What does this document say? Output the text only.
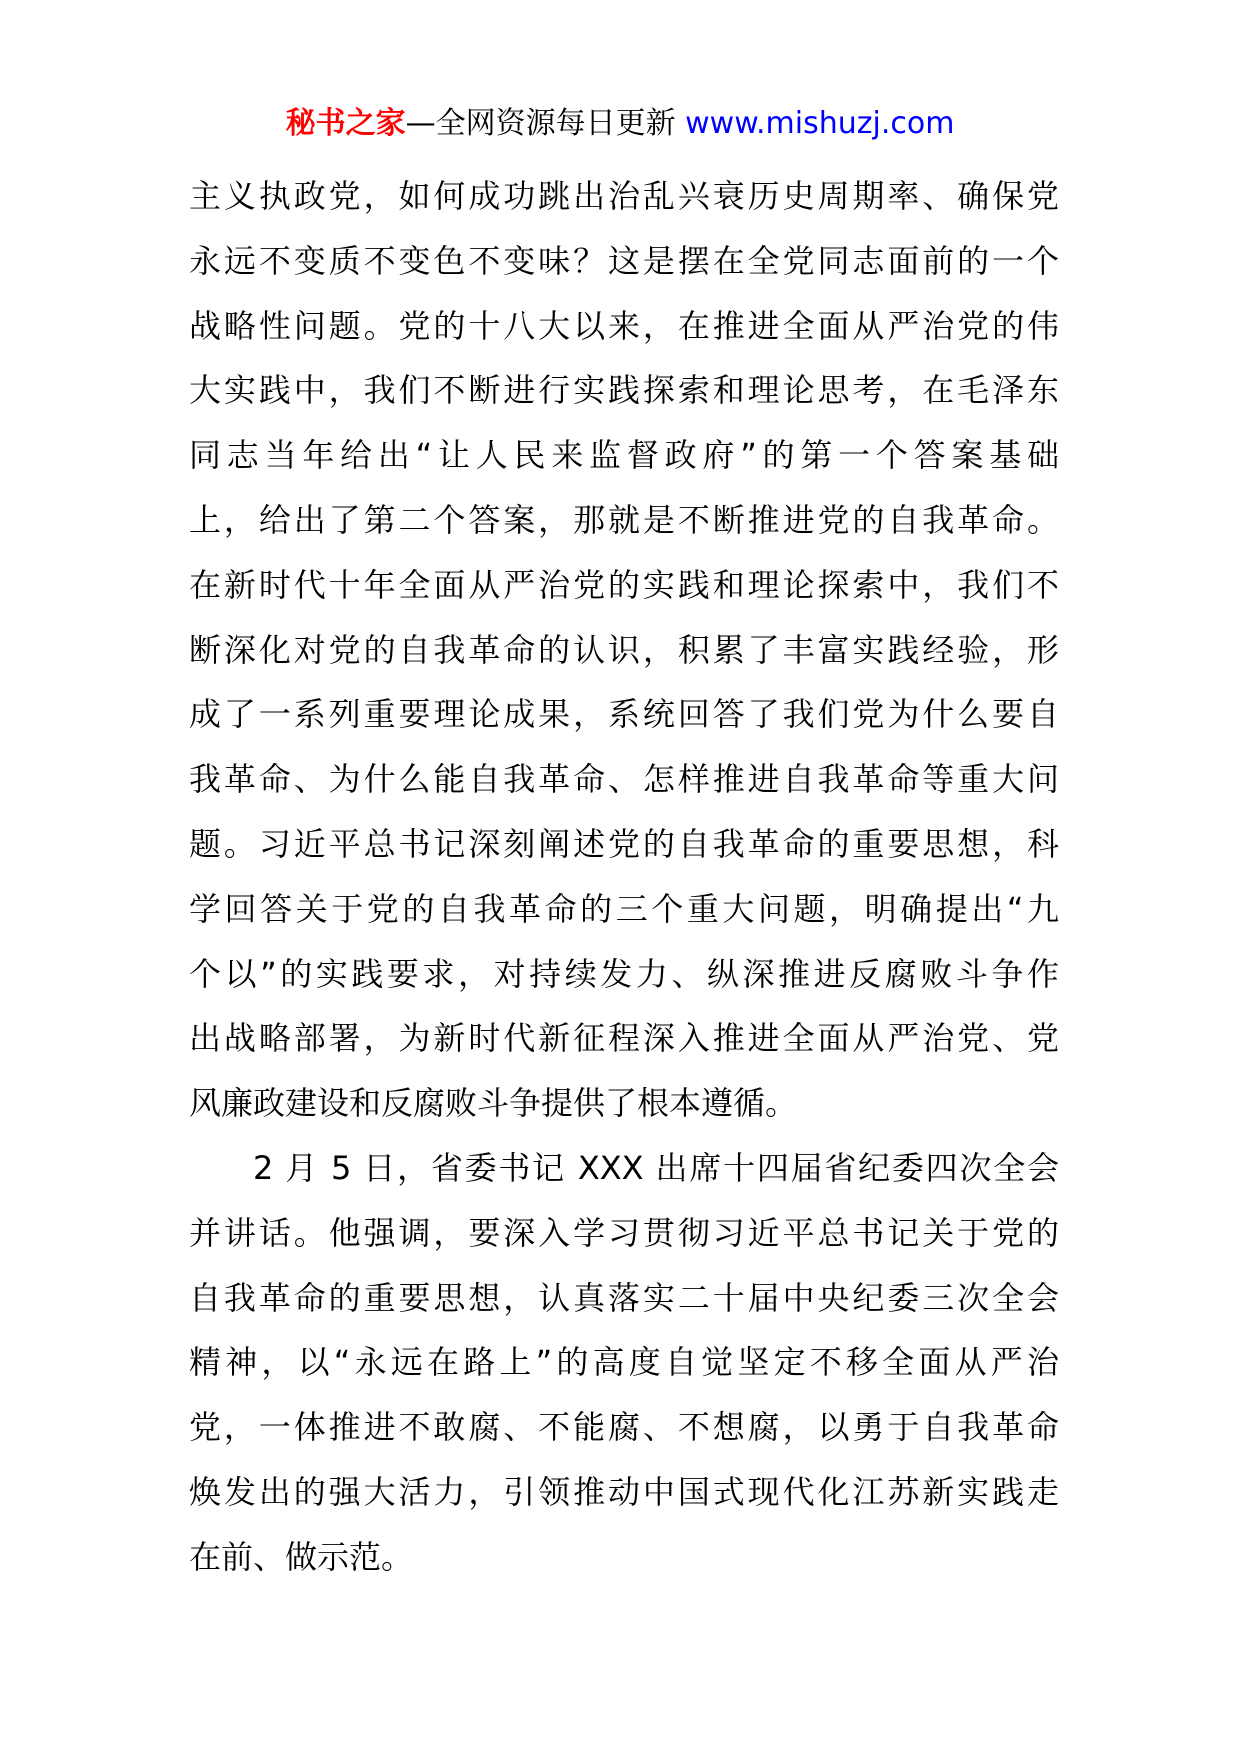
秘书之家—全网资源每日更新 www.mishuzj.com
主义执政党，如何成功跳出治乱兴衰历史周期率、确保党
永远不变质不变色不变味？这是摆在全党同志面前的一个
战略性问题。党的十八大以来，在推进全面从严治党的伟
大实践中，我们不断进行实践探索和理论思考，在毛泽东
同志当年给出“让人民来监督政府”的第一个答案基础
上，给出了第二个答案，那就是不断推进党的自我革命。
在新时代十年全面从严治党的实践和理论探索中，我们不
断深化对党的自我革命的认识，积累了丰富实践经验，形
成了一系列重要理论成果，系统回答了我们党为什么要自
我革命、为什么能自我革命、怎样推进自我革命等重大问
题。习近平总书记深刻阐述党的自我革命的重要思想，科
学回答关于党的自我革命的三个重大问题，明确提出“九
个以”的实践要求，对持续发力、纵深推进反腐败斗争作
出战略部署，为新时代新征程深入推进全面从严治党、党
风廉政建设和反腐败斗争提供了根本遵循。
2 月 5 日，省委书记 XXX 出席十四届省纪委四次全会
并讲话。他强调，要深入学习贯彻习近平总书记关于党的
自我革命的重要思想，认真落实二十届中央纪委三次全会
精神，以“永远在路上”的高度自觉坚定不移全面从严治
党，一体推进不敢腐、不能腐、不想腐，以勇于自我革命
焕发出的强大活力，引领推动中国式现代化江苏新实践走
在前、做示范。
